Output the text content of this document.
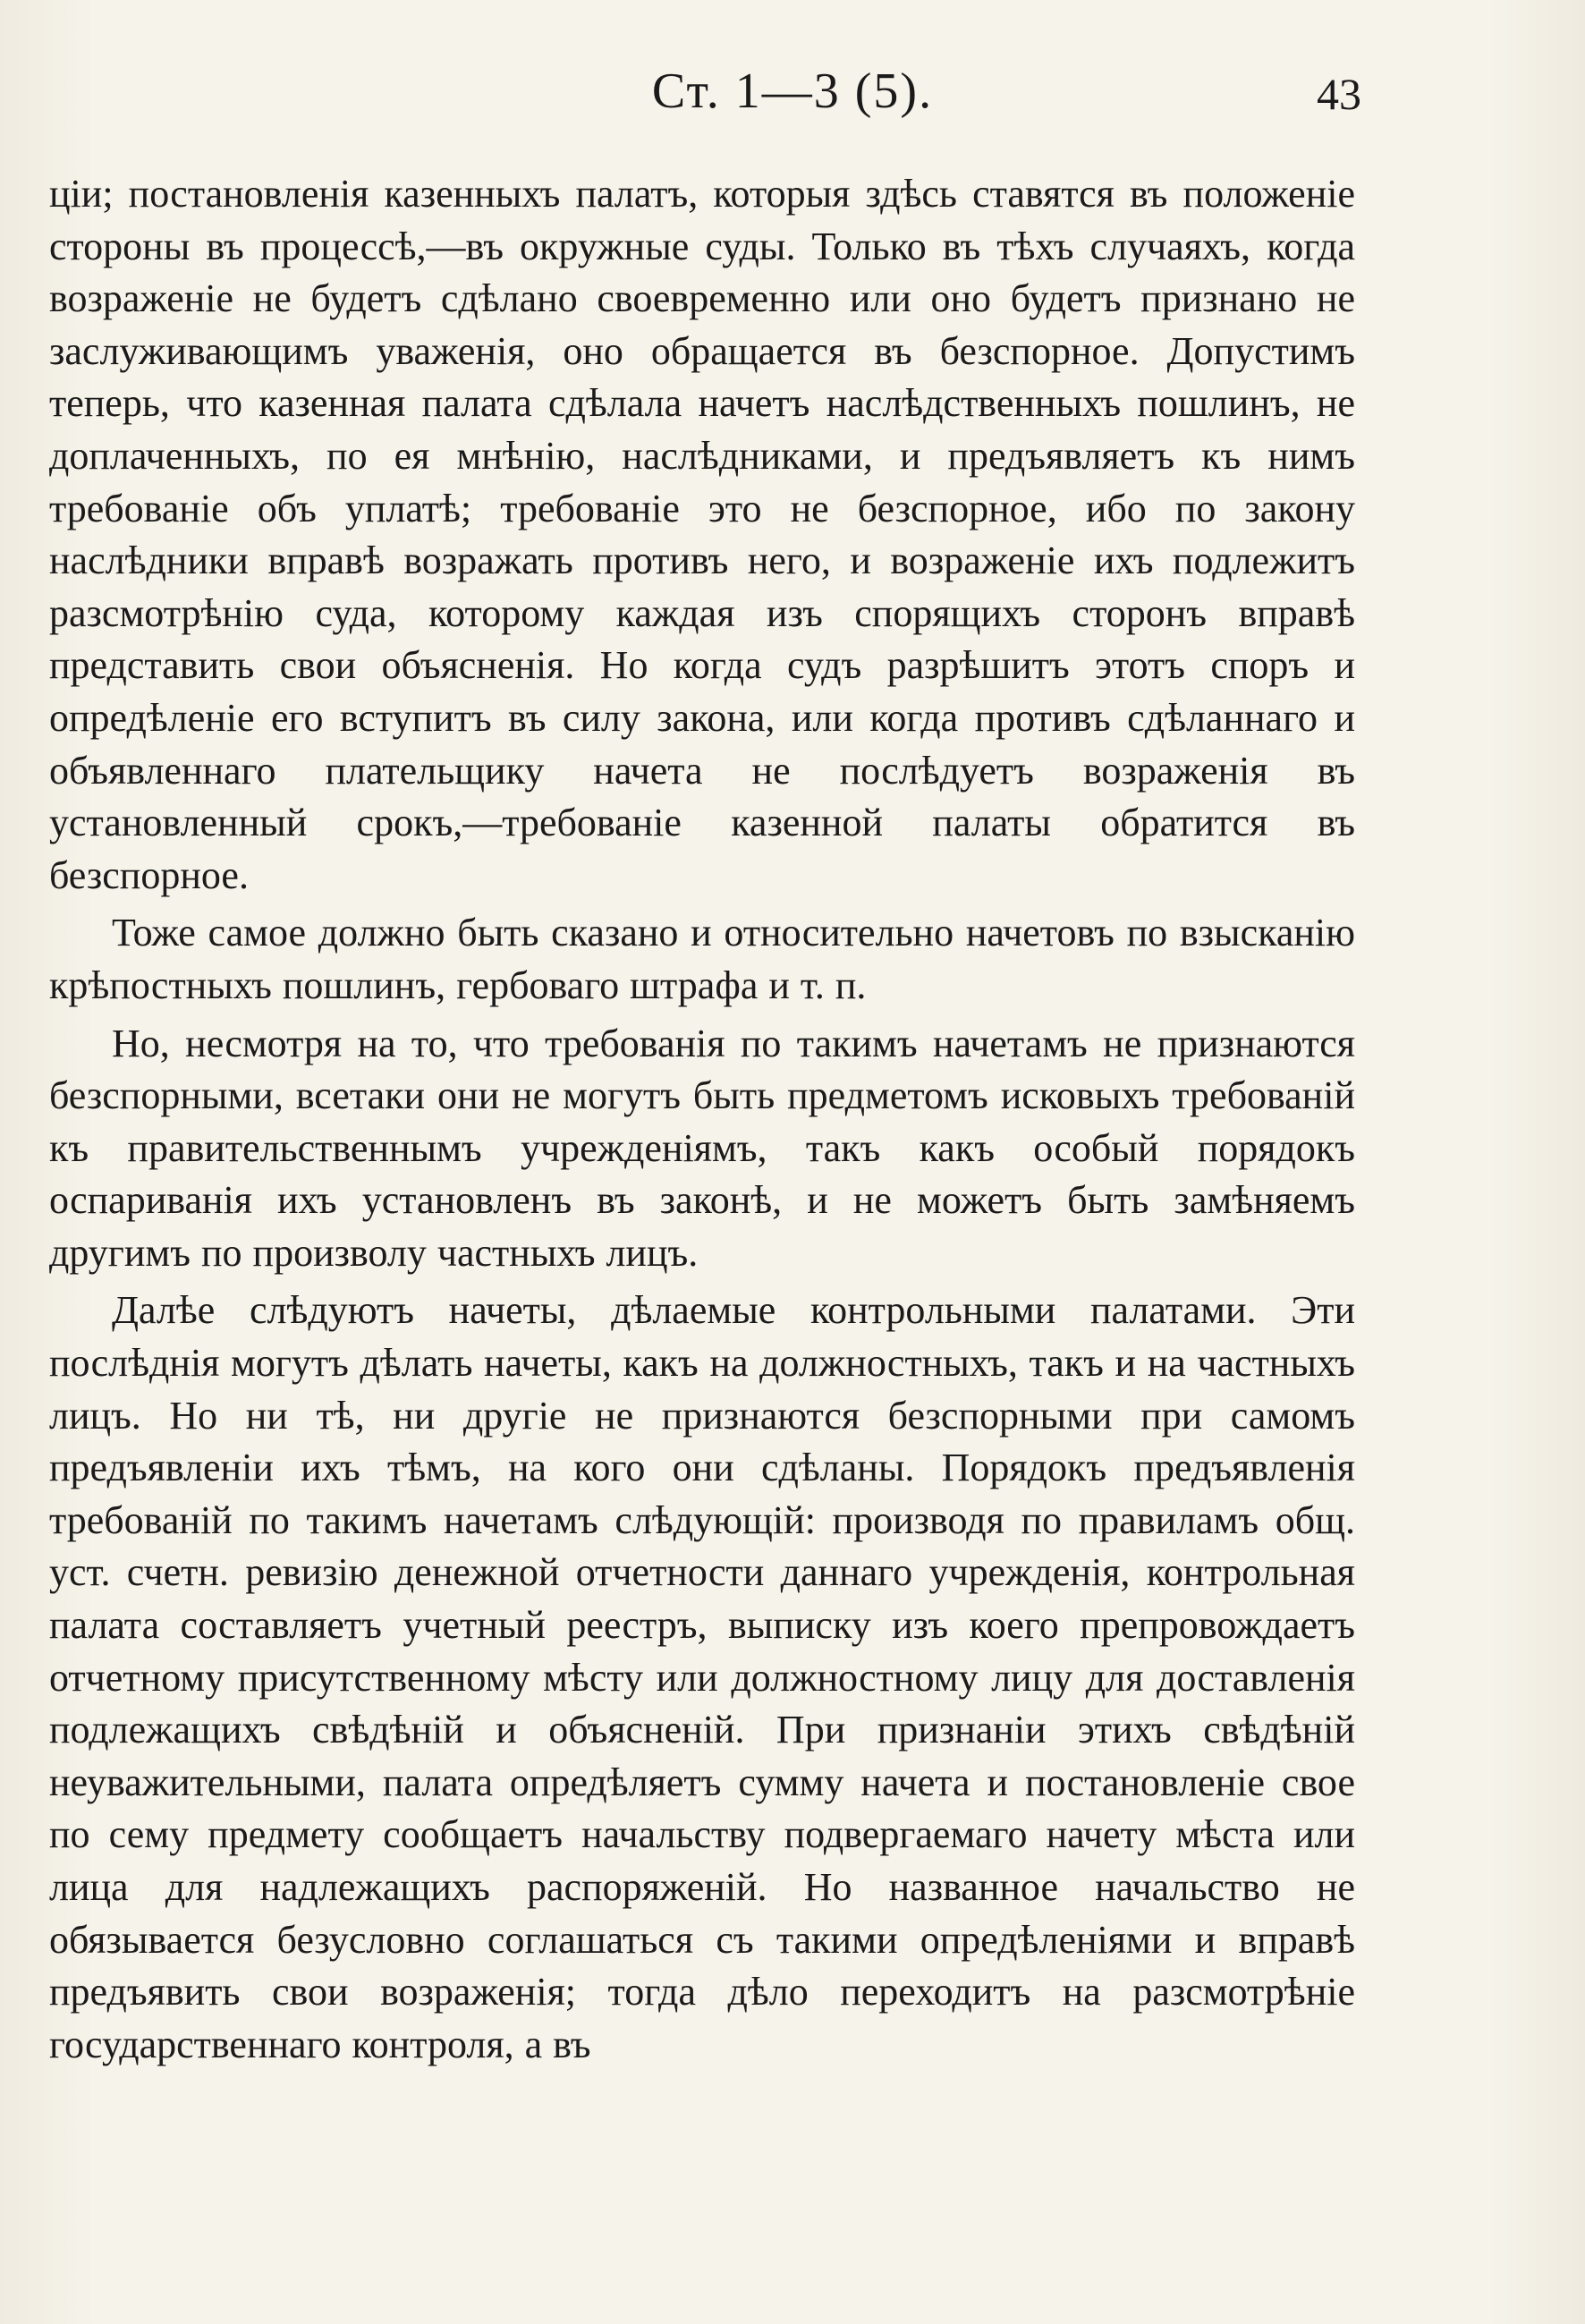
Ст. 1—3 (5).	43

ціи; постановленія казенныхъ палатъ, которыя здѣсь ставятся въ положеніе стороны въ процессѣ,—въ окружные суды. Только въ тѣхъ случаяхъ, когда возраженіе не будетъ сдѣлано своевременно или оно будетъ признано не заслуживающимъ уваженія, оно обращается въ безспорное. Допустимъ теперь, что казенная палата сдѣлала начетъ наслѣдственныхъ пошлинъ, не доплаченныхъ, по ея мнѣнію, наслѣдниками, и предъявляетъ къ нимъ требованіе объ уплатѣ; требованіе это не безспорное, ибо по закону наслѣдники вправѣ возражать противъ него, и возраженіе ихъ подлежитъ разсмотрѣнію суда, которому каждая изъ спорящихъ сторонъ вправѣ представить свои объясненія. Но когда судъ разрѣшитъ этотъ споръ и опредѣленіе его вступитъ въ силу закона, или когда противъ сдѣланнаго и объявленнаго плательщику начета не послѣдуетъ возраженія въ установленный срокъ,—требованіе казенной палаты обратится въ безспорное.

Тоже самое должно быть сказано и относительно начетовъ по взысканію крѣпостныхъ пошлинъ, гербоваго штрафа и т. п.

Но, несмотря на то, что требованія по такимъ начетамъ не признаются безспорными, всетаки они не могутъ быть предметомъ исковыхъ требованій къ правительственнымъ учрежденіямъ, такъ какъ особый порядокъ оспариванія ихъ установленъ въ законѣ, и не можетъ быть замѣняемъ другимъ по произволу частныхъ лицъ.

Далѣе слѣдуютъ начеты, дѣлаемые контрольными палатами. Эти послѣднія могутъ дѣлать начеты, какъ на должностныхъ, такъ и на частныхъ лицъ. Но ни тѣ, ни другіе не признаются безспорными при самомъ предъявленіи ихъ тѣмъ, на кого они сдѣланы. Порядокъ предъявленія требованій по такимъ начетамъ слѣдующій: производя по правиламъ общ. уст. счетн. ревизію денежной отчетности даннаго учрежденія, контрольная палата составляетъ учетный реестръ, выписку изъ коего препровождаетъ отчетному присутственному мѣсту или должностному лицу для доставленія подлежащихъ свѣдѣній и объясненій. При признаніи этихъ свѣдѣній неуважительными, палата опредѣляетъ сумму начета и постановленіе свое по сему предмету сообщаетъ начальству подвергаемаго начету мѣста или лица для надлежащихъ распоряженій. Но названное начальство не обязывается безусловно соглашаться съ такими опредѣленіями и вправѣ предъявить свои возраженія; тогда дѣло переходитъ на разсмотрѣніе государственнаго контроля, а въ
